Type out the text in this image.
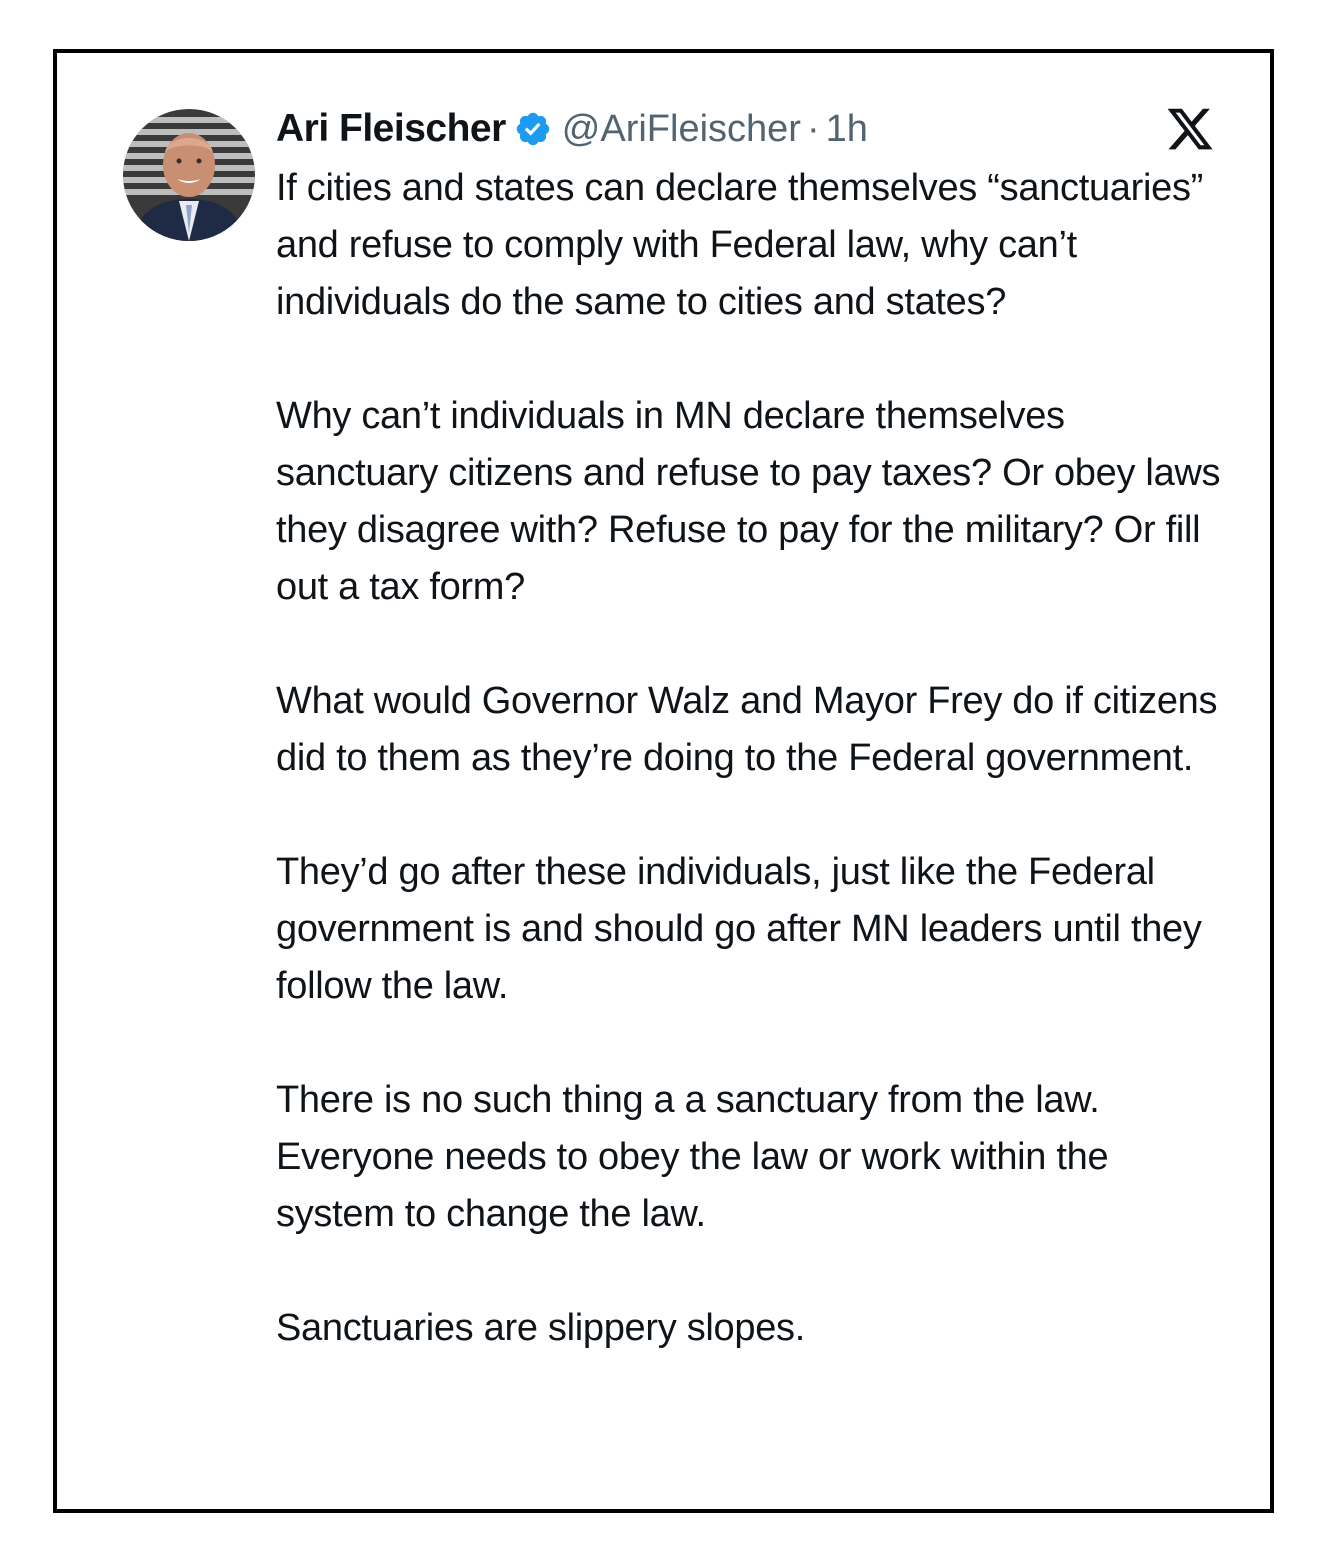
Ari Fleischer @AriFleischer · 1h

If cities and states can declare themselves “sanctuaries” and refuse to comply with Federal law, why can’t individuals do the same to cities and states?

Why can’t individuals in MN declare themselves sanctuary citizens and refuse to pay taxes? Or obey laws they disagree with? Refuse to pay for the military? Or fill out a tax form?

What would Governor Walz and Mayor Frey do if citizens did to them as they’re doing to the Federal government.

They’d go after these individuals, just like the Federal government is and should go after MN leaders until they follow the law.

There is no such thing a a sanctuary from the law. Everyone needs to obey the law or work within the system to change the law.

Sanctuaries are slippery slopes.
